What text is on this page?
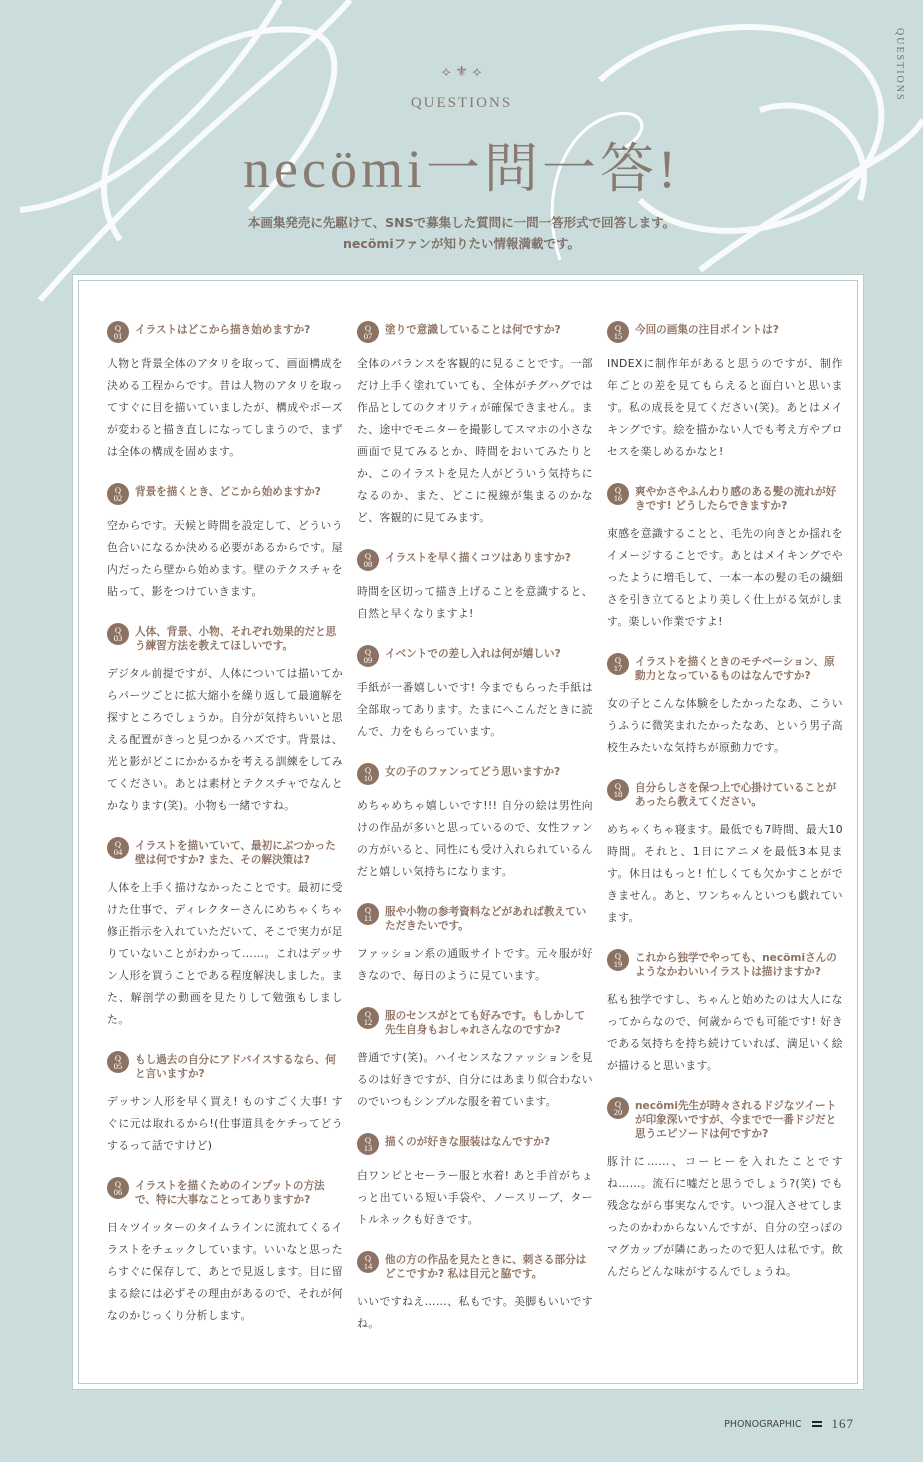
QUESTIONS
⟡ ⚜ ⟡
QUESTIONS
necömi一問一答!
本画集発売に先駆けて、SNSで募集した質問に一問一答形式で回答します。
necömiファンが知りたい情報満載です。
Q
01	イラストはどこから描き始めますか?
人物と背景全体のアタリを取って、画面構成を決める工程からです。昔は人物のアタリを取ってすぐに目を描いていましたが、構成やポーズが変わると描き直しになってしまうので、まずは全体の構成を固めます。
Q
02	背景を描くとき、どこから始めますか?
空からです。天候と時間を設定して、どういう色合いになるか決める必要があるからです。屋内だったら壁から始めます。壁のテクスチャを貼って、影をつけていきます。
Q
03	人体、背景、小物、それぞれ効果的だと思う練習方法を教えてほしいです。
デジタル前提ですが、人体については描いてからパーツごとに拡大縮小を繰り返して最適解を探すところでしょうか。自分が気持ちいいと思える配置がきっと見つかるハズです。背景は、光と影がどこにかかるかを考える訓練をしてみてください。あとは素材とテクスチャでなんとかなります(笑)。小物も一緒ですね。
Q
04	イラストを描いていて、最初にぶつかった壁は何ですか? また、その解決策は?
人体を上手く描けなかったことです。最初に受けた仕事で、ディレクターさんにめちゃくちゃ修正指示を入れていただいて、そこで実力が足りていないことがわかって……。これはデッサン人形を買うことである程度解決しました。また、解剖学の動画を見たりして勉強もしました。
Q
05	もし過去の自分にアドバイスするなら、何と言いますか?
デッサン人形を早く買え! ものすごく大事! すぐに元は取れるから!(仕事道具をケチってどうするって話ですけど)
Q
06	イラストを描くためのインプットの方法で、特に大事なことってありますか?
日々ツイッターのタイムラインに流れてくるイラストをチェックしています。いいなと思ったらすぐに保存して、あとで見返します。目に留まる絵には必ずその理由があるので、それが何なのかじっくり分析します。
Q
07	塗りで意識していることは何ですか?
全体のバランスを客観的に見ることです。一部だけ上手く塗れていても、全体がチグハグでは作品としてのクオリティが確保できません。また、途中でモニターを撮影してスマホの小さな画面で見てみるとか、時間をおいてみたりとか、このイラストを見た人がどういう気持ちになるのか、また、どこに視線が集まるのかなど、客観的に見てみます。
Q
08	イラストを早く描くコツはありますか?
時間を区切って描き上げることを意識すると、自然と早くなりますよ!
Q
09	イベントでの差し入れは何が嬉しい?
手紙が一番嬉しいです! 今までもらった手紙は全部取ってあります。たまにへこんだときに読んで、力をもらっています。
Q
10	女の子のファンってどう思いますか?
めちゃめちゃ嬉しいです!!! 自分の絵は男性向けの作品が多いと思っているので、女性ファンの方がいると、同性にも受け入れられているんだと嬉しい気持ちになります。
Q
11	服や小物の参考資料などがあれば教えていただきたいです。
ファッション系の通販サイトです。元々服が好きなので、毎日のように見ています。
Q
12	服のセンスがとても好みです。もしかして先生自身もおしゃれさんなのですか?
普通です(笑)。ハイセンスなファッションを見るのは好きですが、自分にはあまり似合わないのでいつもシンプルな服を着ています。
Q
13	描くのが好きな服装はなんですか?
白ワンピとセーラー服と水着! あと手首がちょっと出ている短い手袋や、ノースリーブ、タートルネックも好きです。
Q
14	他の方の作品を見たときに、刺さる部分はどこですか? 私は目元と脇です。
いいですねえ……、私もです。美脚もいいですね。
Q
15	今回の画集の注目ポイントは?
INDEXに制作年があると思うのですが、制作年ごとの差を見てもらえると面白いと思います。私の成長を見てください(笑)。あとはメイキングです。絵を描かない人でも考え方やプロセスを楽しめるかなと!
Q
16	爽やかさやふんわり感のある髪の流れが好きです! どうしたらできますか?
束感を意識することと、毛先の向きとか揺れをイメージすることです。あとはメイキングでやったように増毛して、一本一本の髪の毛の繊細さを引き立てるとより美しく仕上がる気がします。楽しい作業ですよ!
Q
17	イラストを描くときのモチベーション、原動力となっているものはなんですか?
女の子とこんな体験をしたかったなあ、こういうふうに微笑まれたかったなあ、という男子高校生みたいな気持ちが原動力です。
Q
18	自分らしさを保つ上で心掛けていることがあったら教えてください。
めちゃくちゃ寝ます。最低でも7時間、最大10時間。それと、1日にアニメを最低3本見ます。休日はもっと! 忙しくても欠かすことができません。あと、ワンちゃんといつも戯れています。
Q
19	これから独学でやっても、necömiさんのようなかわいいイラストは描けますか?
私も独学ですし、ちゃんと始めたのは大人になってからなので、何歳からでも可能です! 好きである気持ちを持ち続けていれば、満足いく絵が描けると思います。
Q
20	necömi先生が時々されるドジなツイートが印象深いですが、今までで一番ドジだと思うエピソードは何ですか?
豚汁に……、コーヒーを入れたことですね……。流石に嘘だと思うでしょう?(笑) でも残念ながら事実なんです。いつ混入させてしまったのかわからないんですが、自分の空っぽのマグカップが隣にあったので犯人は私です。飲んだらどんな味がするんでしょうね。
PHONOGRAPHIC 167
